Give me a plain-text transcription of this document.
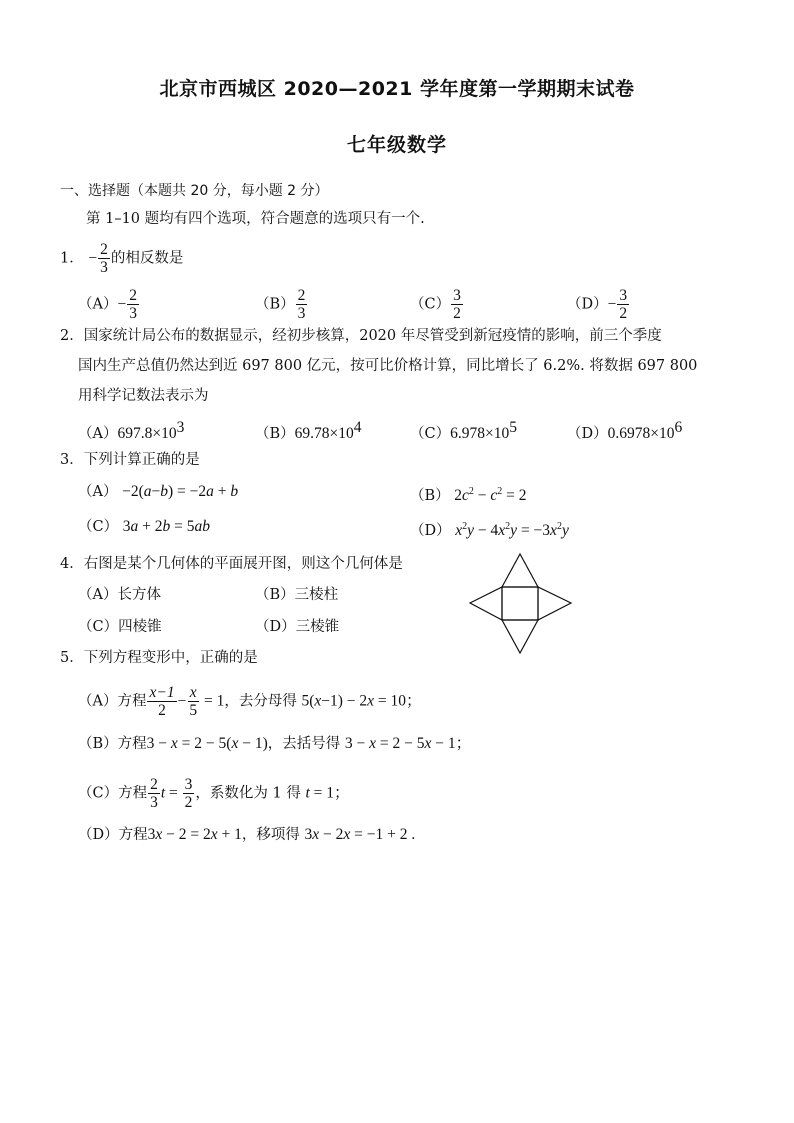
北京市西城区 2020—2021 学年度第一学期期末试卷
七年级数学
一、选择题（本题共 20 分，每小题 2 分）
第 1–10 题均有四个选项，符合题意的选项只有一个.
1． − $\frac{2}{3}$ 的相反数是
$(A)- \frac{2}{3}$	$(B) \frac{2}{3}$	$(C) \frac{3}{2}$	$(D)- \frac{3}{2}$
2．国家统计局公布的数据显示，经初步核算，2020 年尽管受到新冠疫情的影响，前三个季度
国内生产总值仍然达到近 697 800 亿元，按可比价格计算，同比增长了 6.2%. 将数据 697 800
用科学记数法表示为
$(A)697.8\times 10^3$	$(B)69.78\times 10^4$	$(C)6.978\times 10^5$	$(D)0.6978\times 10^6$
3．下列计算正确的是
（A） −2(a−b) = −2a + b	（B） $2c^2 - c^2 = 2$
（C） 3a + 2b = 5ab	（D） $x^2y - 4x^2y = -3x^2y$
4．右图是某个几何体的平面展开图，则这个几何体是
（A）长方体	（B）三棱柱
（C）四棱锥	（D）三棱锥
5．下列方程变形中，正确的是
（A）方程 $\frac{x-1}{2} - \frac{x}{5} = 1$，去分母得 5(x−1) − 2x = 10；
（B）方程3 − x = 2 − 5(x − 1)，去括号得 3 − x = 2 − 5x − 1；
（C）方程 $\frac{2}{3}$ $t = \frac{3}{2}$ ，系数化为 1 得 t = 1；
（D）方程3x − 2 = 2x + 1，移项得 3x − 2x = −1 + 2 .
